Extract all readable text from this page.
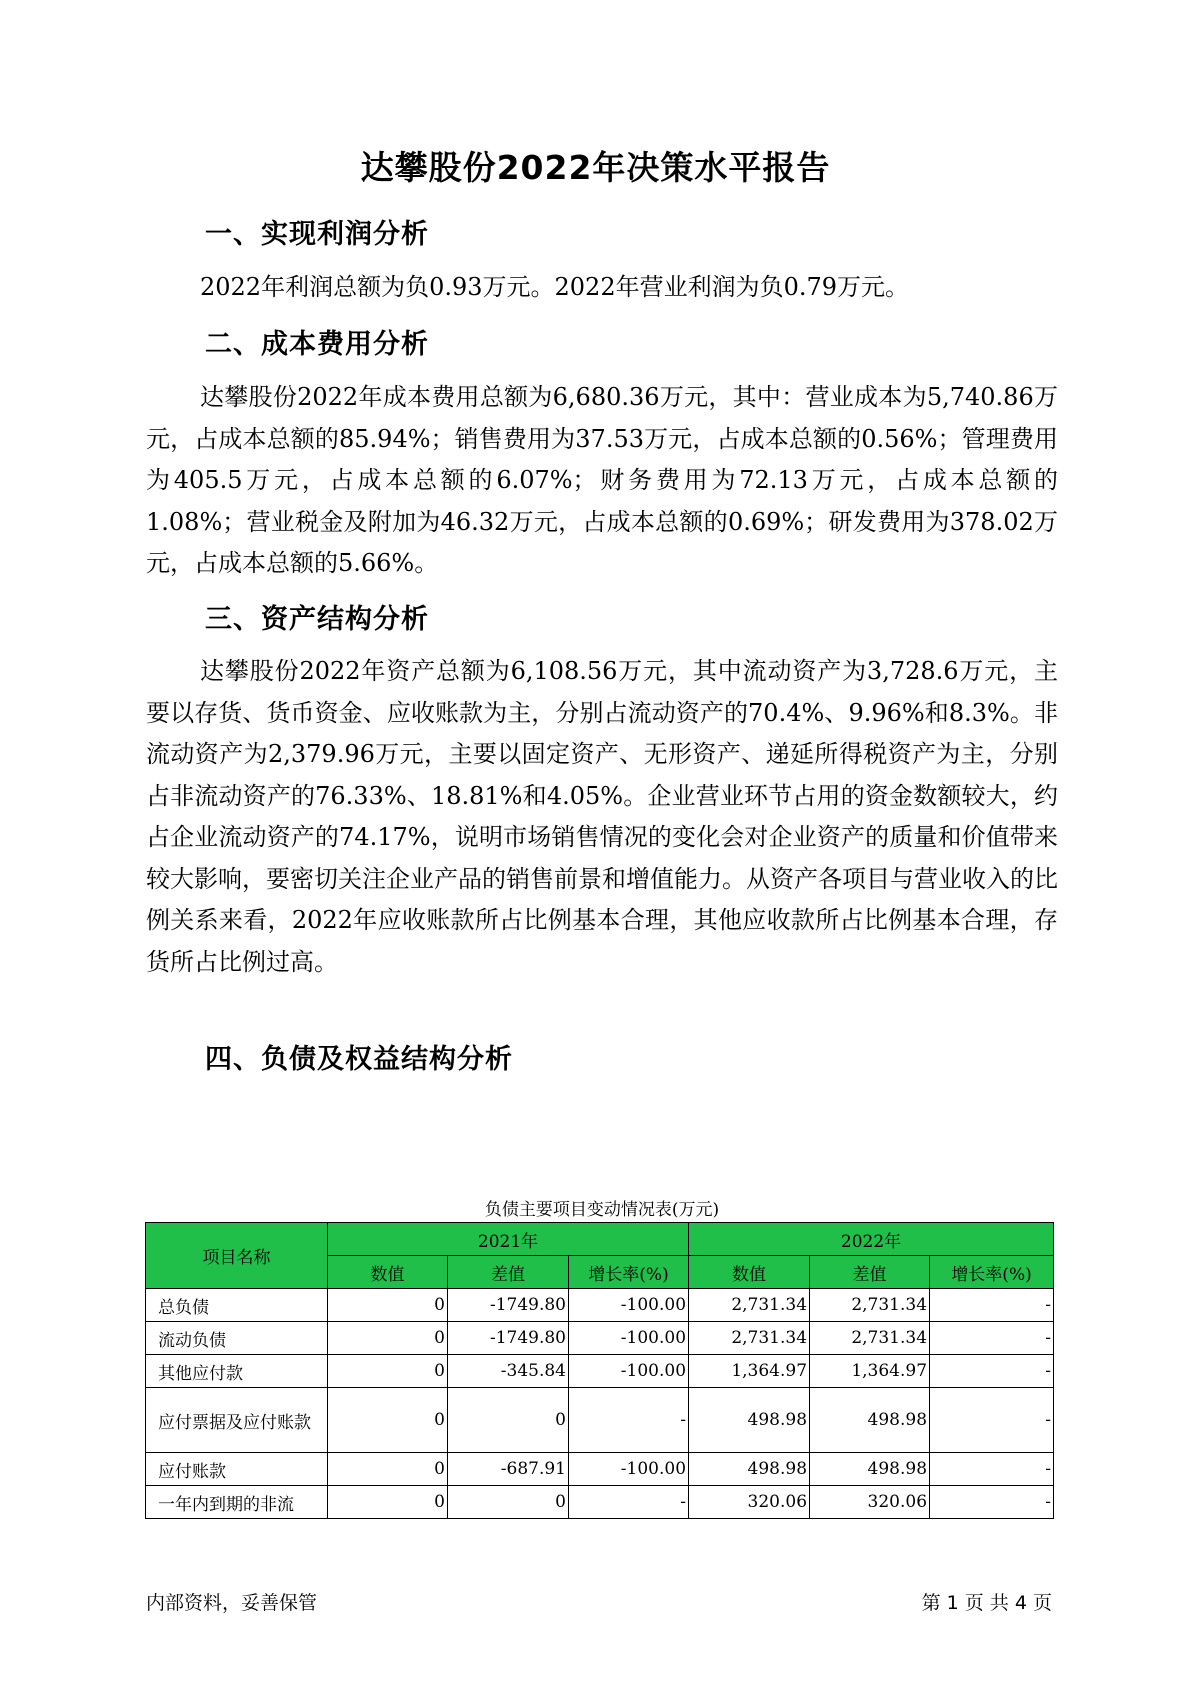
达攀股份2022年决策水平报告
一、实现利润分析

2022年利润总额为负0.93万元。2022年营业利润为负0.79万元。

二、成本费用分析

达攀股份2022年成本费用总额为6,680.36万元，其中：营业成本为5,740.86万元，占成本总额的85.94%；销售费用为37.53万元，占成本总额的0.56%；管理费用为405.5万元，占成本总额的6.07%；财务费用为72.13万元，占成本总额的1.08%；营业税金及附加为46.32万元，占成本总额的0.69%；研发费用为378.02万元，占成本总额的5.66%。

三、资产结构分析

达攀股份2022年资产总额为6,108.56万元，其中流动资产为3,728.6万元，主要以存货、货币资金、应收账款为主，分别占流动资产的70.4%、9.96%和8.3%。非流动资产为2,379.96万元，主要以固定资产、无形资产、递延所得税资产为主，分别占非流动资产的76.33%、18.81%和4.05%。企业营业环节占用的资金数额较大，约占企业流动资产的74.17%，说明市场销售情况的变化会对企业资产的质量和价值带来较大影响，要密切关注企业产品的销售前景和增值能力。从资产各项目与营业收入的比例关系来看，2022年应收账款所占比例基本合理，其他应收款所占比例基本合理，存货所占比例过高。

四、负债及权益结构分析
负债主要项目变动情况表(万元)
项目名称	2021年			2022年		
	数值	差值	增长率(%)	数值	差值	增长率(%)
总负债	0	-1749.80	-100.00	2,731.34	2,731.34	-
流动负债	0	-1749.80	-100.00	2,731.34	2,731.34	-
其他应付款	0	-345.84	-100.00	1,364.97	1,364.97	-
应付票据及应付账款	0	0	-	498.98	498.98	-
应付账款	0	-687.91	-100.00	498.98	498.98	-
一年内到期的非流	0	0	-	320.06	320.06	-
内部资料，妥善保管	第 1 页 共 4 页
